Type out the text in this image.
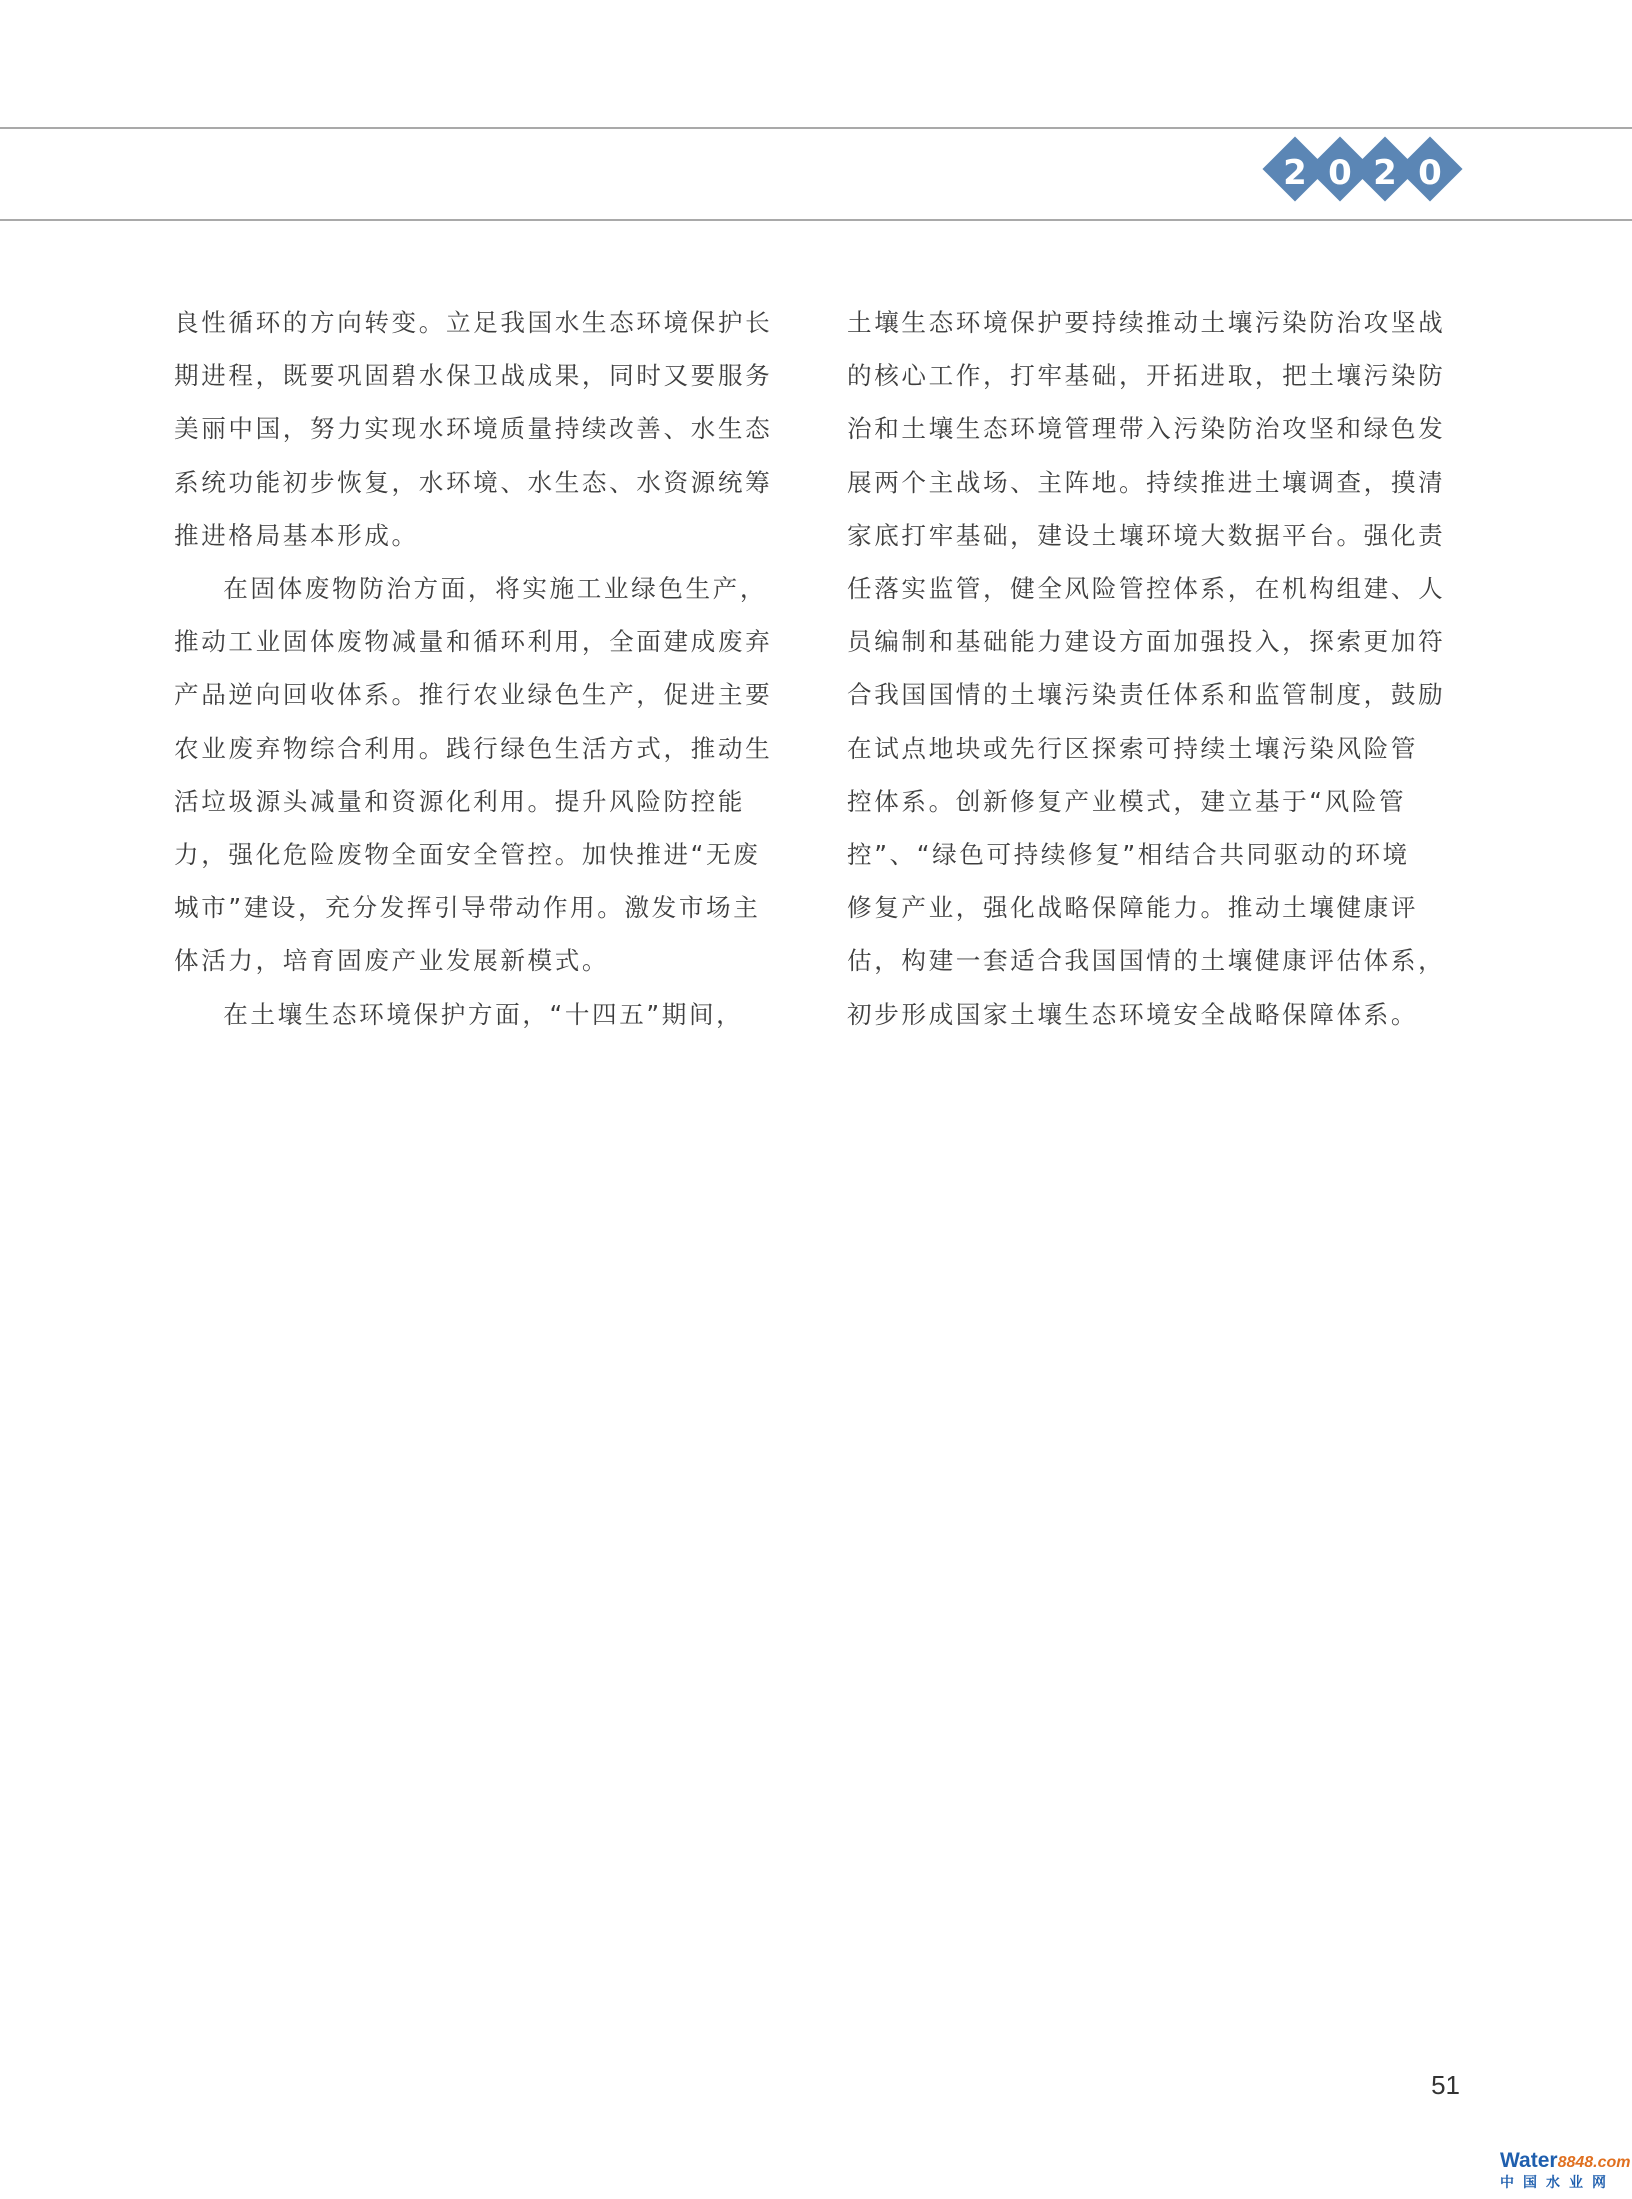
2 0 2 0

良性循环的方向转变。立足我国水生态环境保护长
期进程，既要巩固碧水保卫战成果，同时又要服务
美丽中国，努力实现水环境质量持续改善、水生态
系统功能初步恢复，水环境、水生态、水资源统筹
推进格局基本形成。

在固体废物防治方面，将实施工业绿色生产，
推动工业固体废物减量和循环利用，全面建成废弃
产品逆向回收体系。推行农业绿色生产，促进主要
农业废弃物综合利用。践行绿色生活方式，推动生
活垃圾源头减量和资源化利用。提升风险防控能
力，强化危险废物全面安全管控。加快推进“无废
城市”建设，充分发挥引导带动作用。激发市场主
体活力，培育固废产业发展新模式。

在土壤生态环境保护方面，“十四五”期间，

土壤生态环境保护要持续推动土壤污染防治攻坚战
的核心工作，打牢基础，开拓进取，把土壤污染防
治和土壤生态环境管理带入污染防治攻坚和绿色发
展两个主战场、主阵地。持续推进土壤调查，摸清
家底打牢基础，建设土壤环境大数据平台。强化责
任落实监管，健全风险管控体系，在机构组建、人
员编制和基础能力建设方面加强投入，探索更加符
合我国国情的土壤污染责任体系和监管制度，鼓励
在试点地块或先行区探索可持续土壤污染风险管
控体系。创新修复产业模式，建立基于“风险管
控”、“绿色可持续修复”相结合共同驱动的环境
修复产业，强化战略保障能力。推动土壤健康评
估，构建一套适合我国国情的土壤健康评估体系，
初步形成国家土壤生态环境安全战略保障体系。

51
Water8848.com
中国水业网
